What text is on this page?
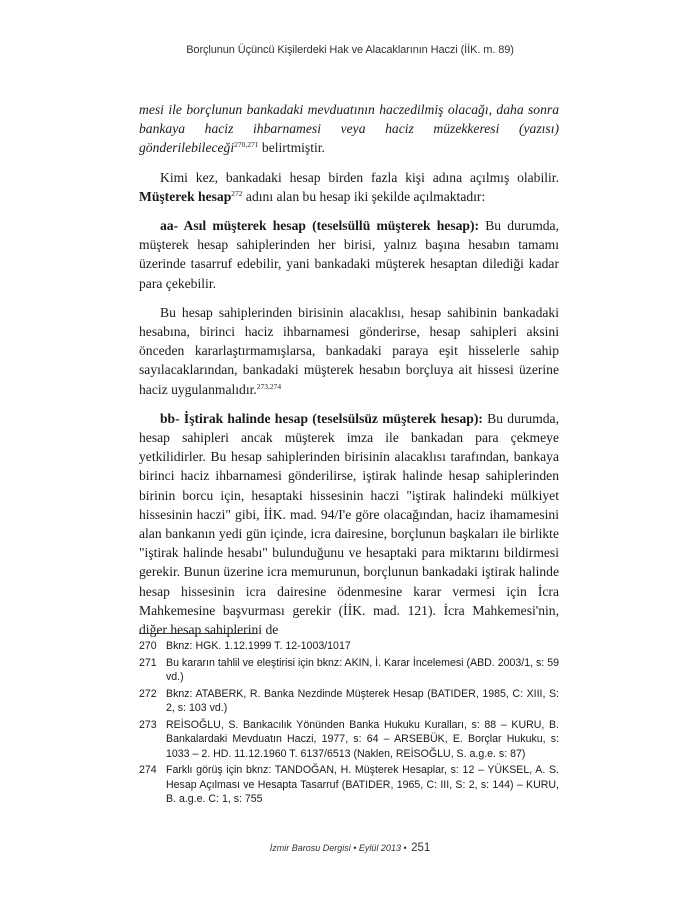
Borçlunun Üçüncü Kişilerdeki Hak ve Alacaklarının Haczi (İİK. m. 89)

mesi ile borçlunun bankadaki mevduatının haczedilmiş olacağı, daha sonra bankaya haciz ihbarnamesi veya haciz müzekkeresi (yazısı) gönderilebileceği$^{270,271}$ belirtmiştir.

Kimi kez, bankadaki hesap birden fazla kişi adına açılmış olabilir. Müşterek hesap$^{272}$ adını alan bu hesap iki şekilde açılmaktadır:

aa- Asıl müşterek hesap (teselsüllü müşterek hesap): Bu durumda, müşterek hesap sahiplerinden her birisi, yalnız başına hesabın tamamı üzerinde tasarruf edebilir, yani bankadaki müşterek hesaptan dilediği kadar para çekebilir.

Bu hesap sahiplerinden birisinin alacaklısı, hesap sahibinin bankadaki hesabına, birinci haciz ihbarnamesi gönderirse, hesap sahipleri aksini önceden kararlaştırmamışlarsa, bankadaki paraya eşit hisselerle sahip sayılacaklarından, bankadaki müşterek hesabın borçluya ait hissesi üzerine haciz uygulanmalıdır.$^{273,274}$

bb- İştirak halinde hesap (teselsülsüz müşterek hesap): Bu durumda, hesap sahipleri ancak müşterek imza ile bankadan para çekmeye yetkilidirler. Bu hesap sahiplerinden birisinin alacaklısı tarafından, bankaya birinci haciz ihbarnamesi gönderilirse, iştirak halinde hesap sahiplerinden birinin borcu için, hesaptaki hissesinin haczi "iştirak halindeki mülkiyet hissesinin haczi" gibi, İİK. mad. 94/I'e göre olacağından, haciz ihamamesini alan bankanın yedi gün içinde, icra dairesine, borçlunun başkaları ile birlikte "iştirak halinde hesabı" bulunduğunu ve hesaptaki para miktarını bildirmesi gerekir. Bunun üzerine icra memurunun, borçlunun bankadaki iştirak halinde hesap hissesinin icra dairesine ödenmesine karar vermesi için İcra Mahkemesine başvurması gerekir (İİK. mad. 121). İcra Mahkemesi'nin, diğer hesap sahiplerini de

270 Bknz: HGK. 1.12.1999 T. 12-1003/1017
271 Bu kararın tahlil ve eleştirisi için bknz: AKIN, İ. Karar İncelemesi (ABD. 2003/1, s: 59 vd.)
272 Bknz: ATABERK, R. Banka Nezdinde Müşterek Hesap (BATIDER, 1985, C: XIII, S: 2, s: 103 vd.)
273 REİSOĞLU, S. Bankacılık Yönünden Banka Hukuku Kuralları, s: 88 – KURU, B. Bankalardaki Mevduatın Haczi, 1977, s: 64 – ARSEBÜK, E. Borçlar Hukuku, s: 1033 – 2. HD. 11.12.1960 T. 6137/6513 (Naklen, REİSOĞLU, S. a.g.e. s: 87)
274 Farklı görüş için bknz: TANDOĞAN, H. Müşterek Hesaplar, s: 12 – YÜKSEL, A. S. Hesap Açılması ve Hesapta Tasarruf (BATIDER, 1965, C: III, S: 2, s: 144) – KURU, B. a.g.e. C: 1, s: 755
İzmir Barosu Dergisi • Eylül 2013 • 251
